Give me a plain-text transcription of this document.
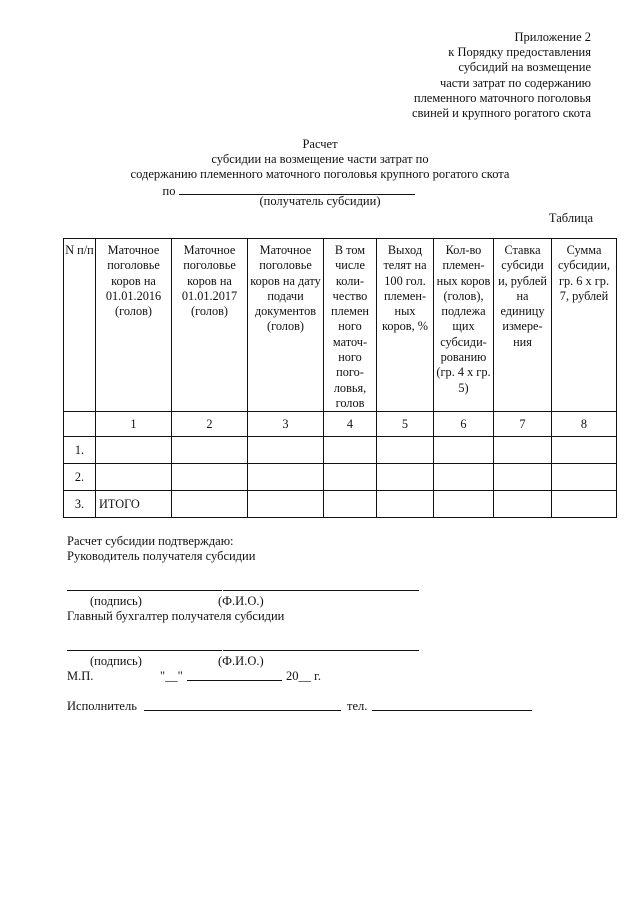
Приложение 2
к Порядку предоставления
субсидий на возмещение
части затрат по содержанию
племенного маточного поголовья
свиней и крупного рогатого скота
Расчет
субсидии на возмещение части затрат по
содержанию племенного маточного поголовья крупного рогатого скота
по
(получатель субсидии)
Таблица
N п/п	Маточное поголовье коров на 01.01.2016 (голов)	Маточное поголовье коров на 01.01.2017 (голов)	Маточное поголовье коров на дату подачи документов (голов)	В том числе коли-чество племен ного маточ-ного пого-ловья, голов	Выход телят на 100 гол. племен-ных коров, %	Кол-во племен-ных коров (голов), подлежа щих субсиди-рованию (гр. 4 х гр. 5)	Ставка субсиди и, рублей на единицу измере-ния	Сумма субсидии, гр. 6 х гр. 7, рублей
	1	2	3	4	5	6	7	8
1.								
2.								
3.	ИТОГО							
Расчет субсидии подтверждаю:
Руководитель получателя субсидии
(подпись)	(Ф.И.О.)
Главный бухгалтер получателя субсидии
(подпись)	(Ф.И.О.)
М.П.	"__"	20__ г.
Исполнитель	тел.
